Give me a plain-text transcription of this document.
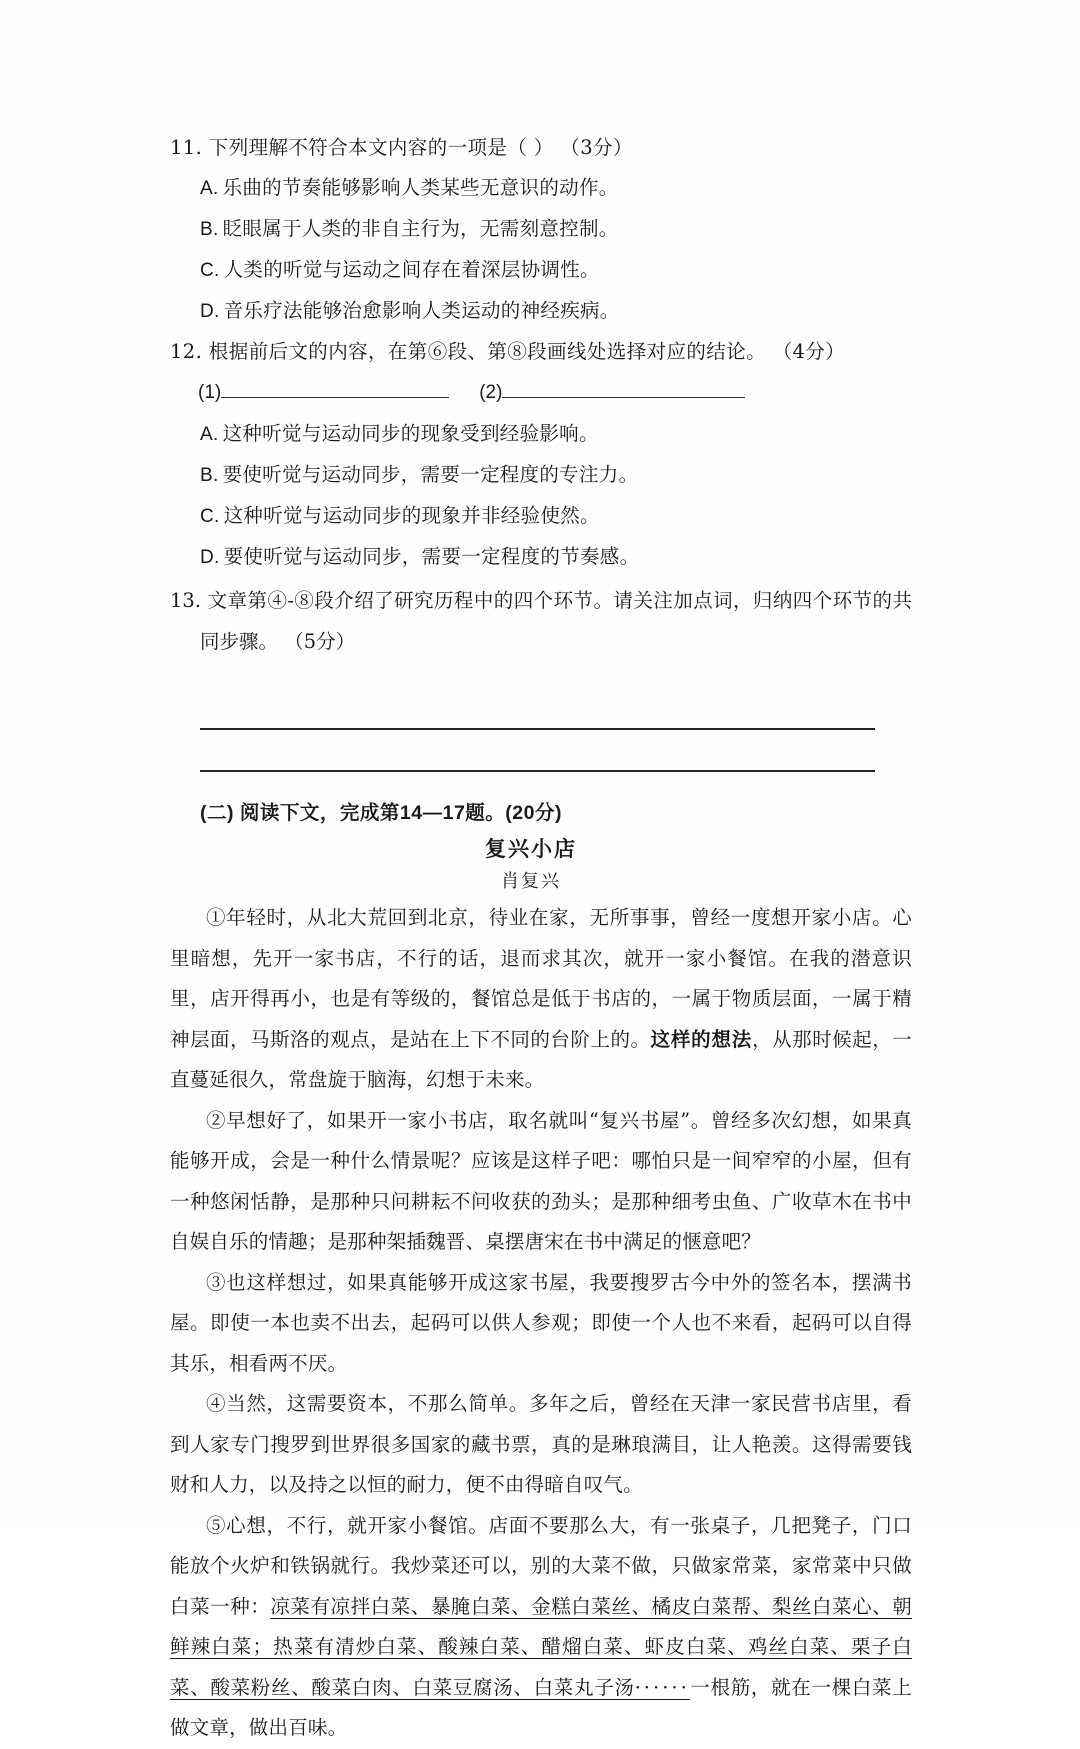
11. 下列理解不符合本文内容的一项是（ ） （3分）
A. 乐曲的节奏能够影响人类某些无意识的动作。
B. 眨眼属于人类的非自主行为，无需刻意控制。
C. 人类的听觉与运动之间存在着深层协调性。
D. 音乐疗法能够治愈影响人类运动的神经疾病。
12. 根据前后文的内容，在第⑥段、第⑧段画线处选择对应的结论。 （4分）
(1)	(2)
A. 这种听觉与运动同步的现象受到经验影响。
B. 要使听觉与运动同步，需要一定程度的专注力。
C. 这种听觉与运动同步的现象并非经验使然。
D. 要使听觉与运动同步，需要一定程度的节奏感。
13. 文章第④-⑧段介绍了研究历程中的四个环节。请关注加点词，归纳四个环节的共同步骤。 （5分）
(二) 阅读下文，完成第14—17题。(20分)
复兴小店
肖复兴

①年轻时，从北大荒回到北京，待业在家，无所事事，曾经一度想开家小店。心里暗想，先开一家书店，不行的话，退而求其次，就开一家小餐馆。在我的潜意识里，店开得再小，也是有等级的，餐馆总是低于书店的，一属于物质层面，一属于精神层面，马斯洛的观点，是站在上下不同的台阶上的。这样的想法，从那时候起，一直蔓延很久，常盘旋于脑海，幻想于未来。

②早想好了，如果开一家小书店，取名就叫“复兴书屋”。曾经多次幻想，如果真能够开成，会是一种什么情景呢？应该是这样子吧：哪怕只是一间窄窄的小屋，但有一种悠闲恬静，是那种只问耕耘不问收获的劲头；是那种细考虫鱼、广收草木在书中自娱自乐的情趣；是那种架插魏晋、桌摆唐宋在书中满足的惬意吧？

③也这样想过，如果真能够开成这家书屋，我要搜罗古今中外的签名本，摆满书屋。即使一本也卖不出去，起码可以供人参观；即使一个人也不来看，起码可以自得其乐，相看两不厌。

④当然，这需要资本，不那么简单。多年之后，曾经在天津一家民营书店里，看到人家专门搜罗到世界很多国家的藏书票，真的是琳琅满目，让人艳羡。这得需要钱财和人力，以及持之以恒的耐力，便不由得暗自叹气。

⑤心想，不行，就开家小餐馆。店面不要那么大，有一张桌子，几把凳子，门口能放个火炉和铁锅就行。我炒菜还可以，别的大菜不做，只做家常菜，家常菜中只做白菜一种：凉菜有凉拌白菜、暴腌白菜、金糕白菜丝、橘皮白菜帮、梨丝白菜心、朝鲜辣白菜；热菜有清炒白菜、酸辣白菜、醋熘白菜、虾皮白菜、鸡丝白菜、栗子白菜、酸菜粉丝、酸菜白肉、白菜豆腐汤、白菜丸子汤······一根筋，就在一棵白菜上做文章，做出百味。
